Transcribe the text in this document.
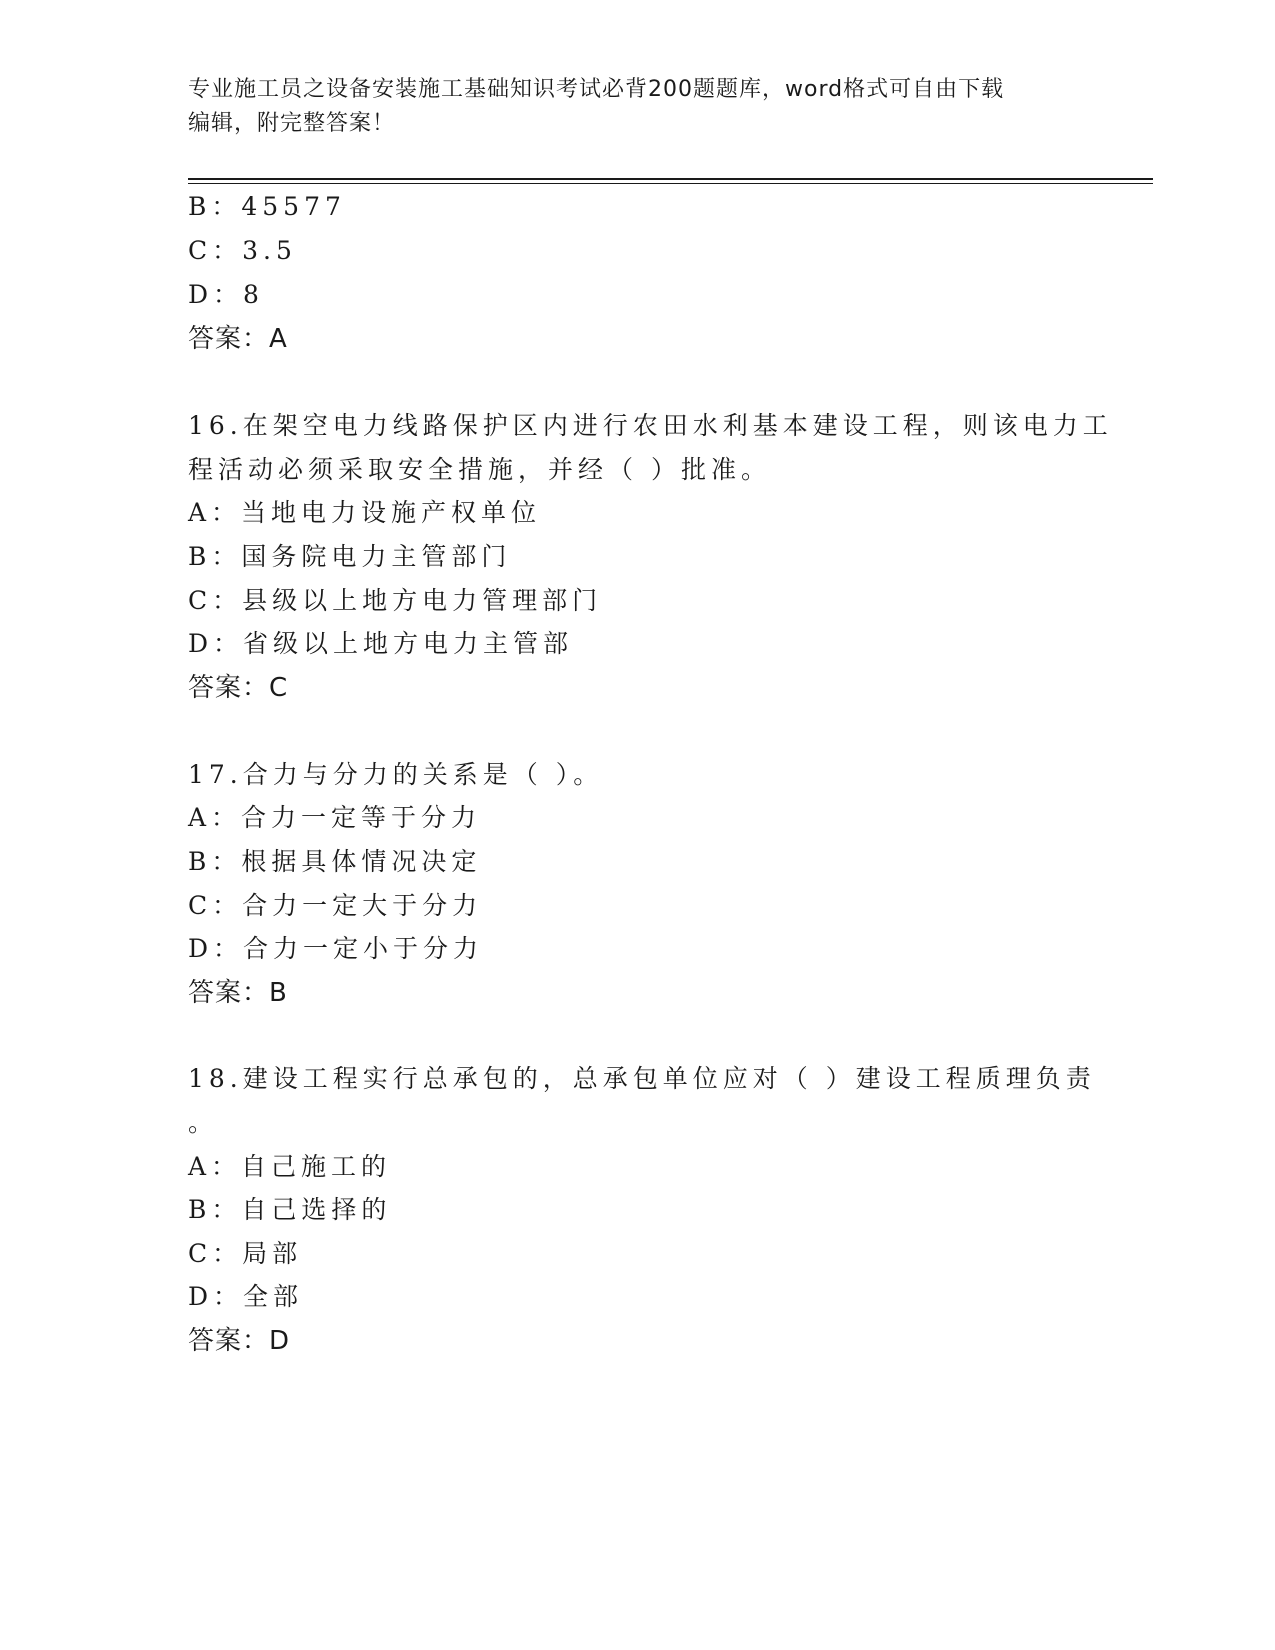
专业施工员之设备安装施工基础知识考试必背200题题库，word格式可自由下载
编辑，附完整答案！
B：45577
C：3.5
D：8
答案：A
16.在架空电力线路保护区内进行农田水利基本建设工程，则该电力工
程活动必须采取安全措施，并经（ ）批准。
A：当地电力设施产权单位
B：国务院电力主管部门
C：县级以上地方电力管理部门
D：省级以上地方电力主管部
答案：C
17.合力与分力的关系是（ ）。
A：合力一定等于分力
B：根据具体情况决定
C：合力一定大于分力
D：合力一定小于分力
答案：B
18.建设工程实行总承包的，总承包单位应对（ ）建设工程质理负责
。
A：自己施工的
B：自己选择的
C：局部
D：全部
答案：D
